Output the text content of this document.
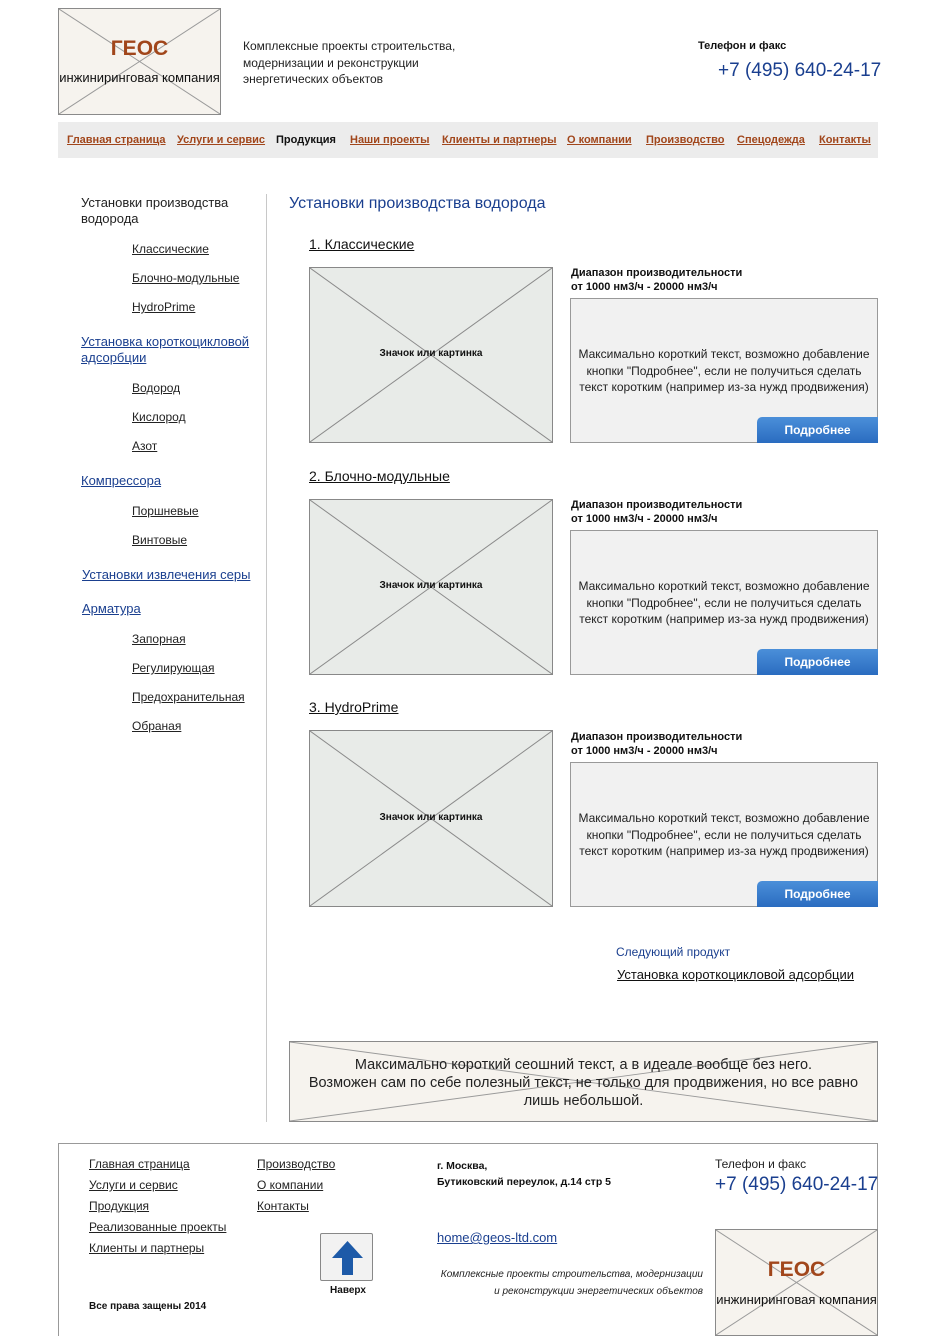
ГЕОС
инжиниринговая компания
Комплексные проекты строительства,
модернизации и реконструкции
энергетических объектов
Телефон и факс
+7 (495) 640-24-17
Главная страница Услуги и сервис Продукция Наши проекты Клиенты и партнеры О компании Производство Спецодежда Контакты
Установки производства водорода
Классические
Блочно-модульные
HydroPrime
Установка короткоцикловой адсорбции
Водород
Кислород
Азот
Компрессора
Поршневые
Винтовые
Установки извлечения серы
Арматура
Запорная
Регулирующая
Предохранительная
Обраная
Установки производства водорода
1. Классические
Значок или картинка
Диапазон производительности
от 1000 нм3/ч - 20000 нм3/ч
Максимально короткий текст, возможно добавление кнопки "Подробнее", если не получиться сделать текст коротким (например из-за нужд продвижения)
Подробнее
2. Блочно-модульные
Значок или картинка
Диапазон производительности
от 1000 нм3/ч - 20000 нм3/ч
Максимально короткий текст, возможно добавление кнопки "Подробнее", если не получиться сделать текст коротким (например из-за нужд продвижения)
Подробнее
3. HydroPrime
Значок или картинка
Диапазон производительности
от 1000 нм3/ч - 20000 нм3/ч
Максимально короткий текст, возможно добавление кнопки "Подробнее", если не получиться сделать текст коротким (например из-за нужд продвижения)
Подробнее
Следующий продукт
Установка короткоцикловой адсорбции
Максимально короткий сеошний текст, а в идеале вообще без него.
Возможен сам по себе полезный текст, не только для продвижения, но все равно
лишь небольшой.
Главная страница
Услуги и сервис
Продукция
Реализованные проекты
Клиенты и партнеры
Производство
О компании
Контакты
Наверх
Все права защены 2014
г. Москва,
Бутиковский переулок, д.14 стр 5
home@geos-ltd.com
Комплексные проекты строительства, модернизации
и реконструкции энергетических объектов
Телефон и факс
+7 (495) 640-24-17
ГЕОС
инжиниринговая компания
